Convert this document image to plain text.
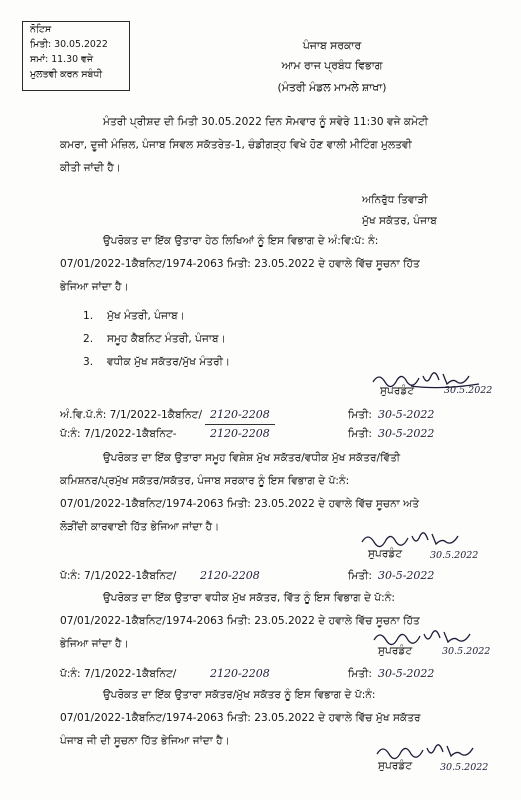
ਨੋਟਿਸ
ਮਿਤੀ: 30.05.2022
ਸਮਾਂ: 11.30 ਵਜੇ
ਮੁਲਤਵੀ ਕਰਨ ਸਬੰਧੀ
ਪੰਜਾਬ ਸਰਕਾਰ
ਆਮ ਰਾਜ ਪ੍ਰਬੰਧ ਵਿਭਾਗ
(ਮੰਤਰੀ ਮੰਡਲ ਮਾਮਲੇ ਸ਼ਾਖਾ)
ਮੰਤਰੀ ਪ੍ਰੀਸ਼ਦ ਦੀ ਮਿਤੀ 30.05.2022 ਦਿਨ ਸੋਮਵਾਰ ਨੂੰ ਸਵੇਰੇ 11:30 ਵਜੇ ਕਮੇਟੀ
ਕਮਰਾ, ਦੂਜੀ ਮੰਜ਼ਿਲ, ਪੰਜਾਬ ਸਿਵਲ ਸਕੱਤਰੇਤ-1, ਚੰਡੀਗੜ੍ਹ ਵਿਖੇ ਹੋਣ ਵਾਲੀ ਮੀਟਿੰਗ ਮੁਲਤਵੀ
ਕੀਤੀ ਜਾਂਦੀ ਹੈ।
ਅਨਿਰੁੱਧ ਤਿਵਾੜੀ
ਮੁੱਖ ਸਕੱਤਰ, ਪੰਜਾਬ
ਉਪਰੋਕਤ ਦਾ ਇੱਕ ਉਤਾਰਾ ਹੇਠ ਲਿਖਿਆਂ ਨੂੰ ਇਸ ਵਿਭਾਗ ਦੇ ਅੰ:ਵਿ:ਪੱ: ਨੰ:
07/01/2022-1ਕੈਬਨਿਟ/1974-2063 ਮਿਤੀ: 23.05.2022 ਦੇ ਹਵਾਲੇ ਵਿੱਚ ਸੂਚਨਾ ਹਿੱਤ
ਭੇਜਿਆ ਜਾਂਦਾ ਹੈ।
1. ਮੁੱਖ ਮੰਤਰੀ, ਪੰਜਾਬ।
2. ਸਮੂਹ ਕੈਬਨਿਟ ਮੰਤਰੀ, ਪੰਜਾਬ।
3. ਵਧੀਕ ਮੁੱਖ ਸਕੱਤਰ/ਮੁੱਖ ਮੰਤਰੀ।
ਸੁਪਰਡੰਟ	30.5.2022
ਅੰ.ਵਿ.ਪੱ.ਨੰ: 7/1/2022-1ਕੈਬਨਿਟ/ 2120-2208	ਮਿਤੀ: 30-5-2022
ਪੱ:ਨੰ: 7/1/2022-1ਕੈਬਨਿਟ-	2120-2208	ਮਿਤੀ: 30-5-2022
ਉਪਰੋਕਤ ਦਾ ਇੱਕ ਉਤਾਰਾ ਸਮੂਹ ਵਿਸ਼ੇਸ਼ ਮੁੱਖ ਸਕੱਤਰ/ਵਧੀਕ ਮੁੱਖ ਸਕੱਤਰ/ਵਿੱਤੀ
ਕਮਿਸ਼ਨਰ/ਪ੍ਰਮੁੱਖ ਸਕੱਤਰ/ਸਕੱਤਰ, ਪੰਜਾਬ ਸਰਕਾਰ ਨੂੰ ਇਸ ਵਿਭਾਗ ਦੇ ਪੱ:ਨੰ:
07/01/2022-1ਕੈਬਨਿਟ/1974-2063 ਮਿਤੀ: 23.05.2022 ਦੇ ਹਵਾਲੇ ਵਿੱਚ ਸੂਚਨਾ ਅਤੇ
ਲੋੜੀਂਦੀ ਕਾਰਵਾਈ ਹਿੱਤ ਭੇਜਿਆ ਜਾਂਦਾ ਹੈ।
ਸੁਪਰਡੰਟ	30.5.2022
ਪੱ:ਨੰ: 7/1/2022-1ਕੈਬਨਿਟ/ 2120-2208	ਮਿਤੀ: 30-5-2022
ਉਪਰੋਕਤ ਦਾ ਇੱਕ ਉਤਾਰਾ ਵਧੀਕ ਮੁੱਖ ਸਕੱਤਰ, ਵਿੱਤ ਨੂੰ ਇਸ ਵਿਭਾਗ ਦੇ ਪੱ:ਨੰ:
07/01/2022-1ਕੈਬਨਿਟ/1974-2063 ਮਿਤੀ: 23.05.2022 ਦੇ ਹਵਾਲੇ ਵਿੱਚ ਸੂਚਨਾ ਹਿੱਤ
ਭੇਜਿਆ ਜਾਂਦਾ ਹੈ।
ਸੁਪਰਡੰਟ	30.5.2022
ਪੱ:ਨੰ: 7/1/2022-1ਕੈਬਨਿਟ/	2120-2208	ਮਿਤੀ: 30-5-2022
ਉਪਰੋਕਤ ਦਾ ਇੱਕ ਉਤਾਰਾ ਸਕੱਤਰ/ਮੁੱਖ ਸਕੱਤਰ ਨੂੰ ਇਸ ਵਿਭਾਗ ਦੇ ਪੱ:ਨੰ:
07/01/2022-1ਕੈਬਨਿਟ/1974-2063 ਮਿਤੀ: 23.05.2022 ਦੇ ਹਵਾਲੇ ਵਿੱਚ ਮੁੱਖ ਸਕੱਤਰ
ਪੰਜਾਬ ਜੀ ਦੀ ਸੂਚਨਾ ਹਿੱਤ ਭੇਜਿਆ ਜਾਂਦਾ ਹੈ।
ਸੁਪਰਡੰਟ	30.5.2022
